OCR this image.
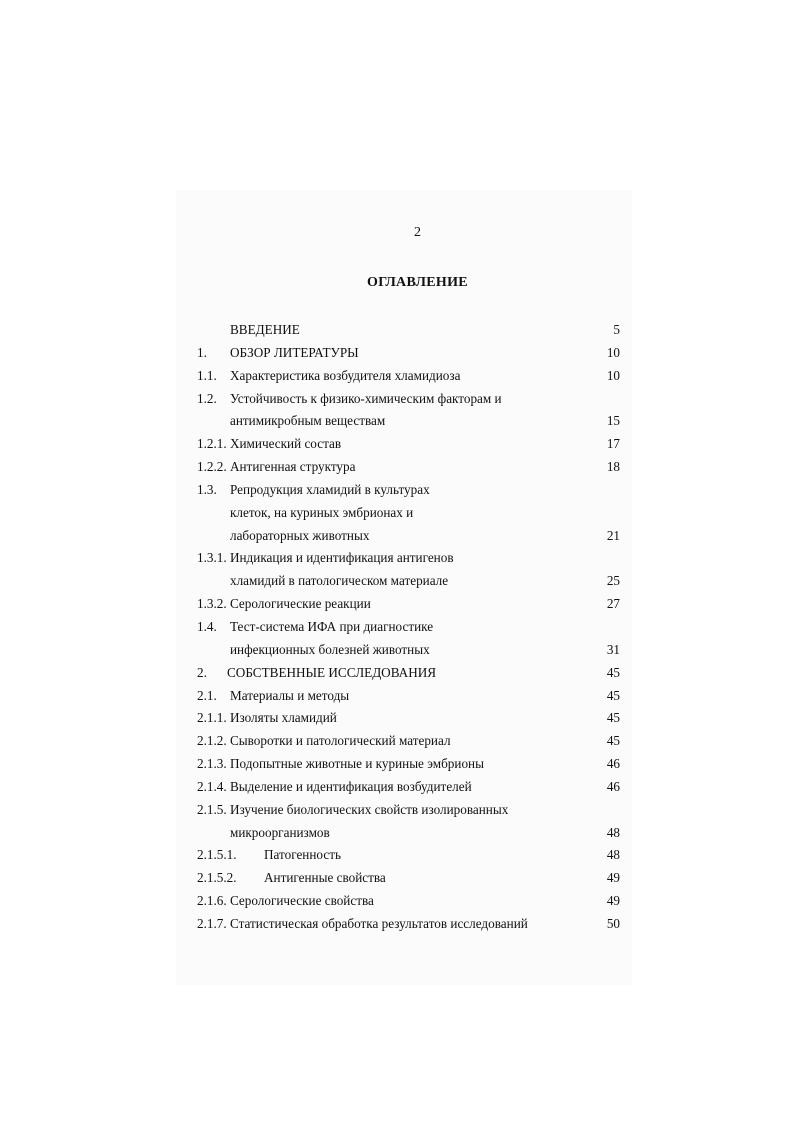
2
ОГЛАВЛЕНИЕ
ВВЕДЕНИЕ	5
1. ОБЗОР ЛИТЕРАТУРЫ	10
1.1. Характеристика возбудителя хламидиоза	10
1.2. Устойчивость к физико-химическим факторам и
антимикробным веществам	15
1.2.1. Химический состав	17
1.2.2. Антигенная структура	18
1.3. Репродукция хламидий в культурах
клеток, на куриных эмбрионах и
лабораторных животных	21
1.3.1. Индикация и идентификация антигенов
хламидий в патологическом материале	25
1.3.2. Серологические реакции	27
1.4. Тест-система ИФА при диагностике
инфекционных болезней животных	31
2. СОБСТВЕННЫЕ ИССЛЕДОВАНИЯ	45
2.1. Материалы и методы	45
2.1.1. Изоляты хламидий	45
2.1.2. Сыворотки и патологический материал	45
2.1.3. Подопытные животные и куриные эмбрионы	46
2.1.4. Выделение и идентификация возбудителей	46
2.1.5. Изучение биологических свойств изолированных
микроорганизмов	48
2.1.5.1. Патогенность	48
2.1.5.2. Антигенные свойства	49
2.1.6. Серологические свойства	49
2.1.7. Статистическая обработка результатов исследований	50
